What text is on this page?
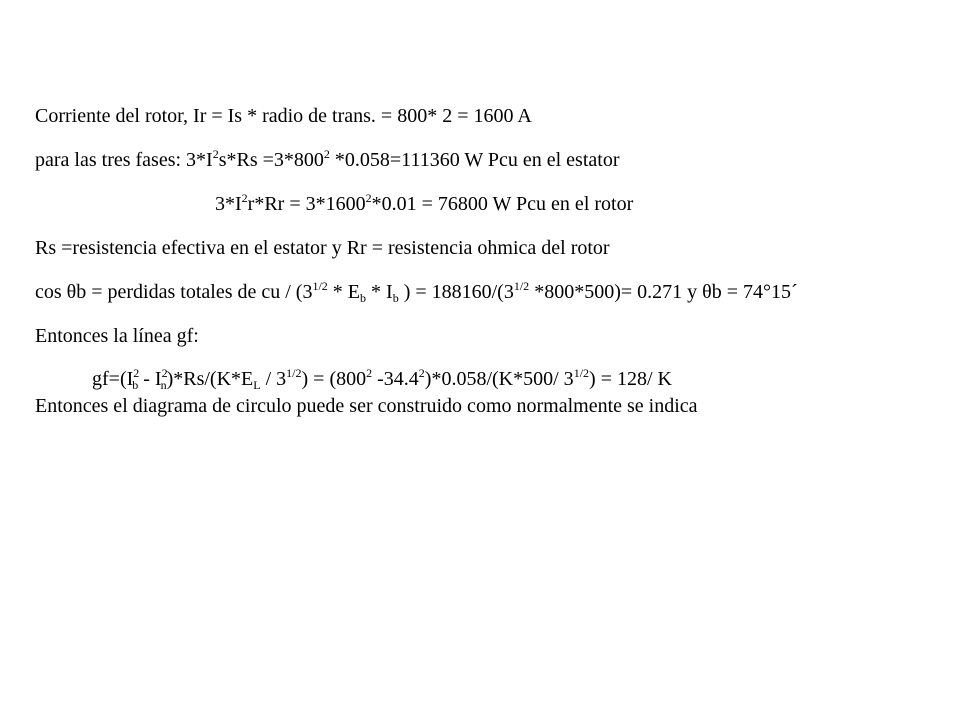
Corriente del rotor, Ir = Is * radio de trans. = 800* 2 = 1600 A
para las tres fases: $3*I^2s*Rs =3*800^2$ *0.058=111360 W Pcu en el estator
$3*I^2r*Rr = 3*1600^2*0.01 = 76800$ W Pcu en el rotor
Rs =resistencia efectiva en el estator y Rr = resistencia ohmica del rotor
cos θb = perdidas totales de cu / ($3^{1/2} * E_b * I_b$ ) = $188160/(3^{1/2}$ *800*500)= 0.271 y θb = 74°15´
Entonces la línea gf:
$gf=(I^2_b - I^2_n)*Rs/(K*E_L / 3^{1/2}) = (800^2$ -34.4$^2$)*0.058/(K*500/ $3^{1/2}) = 128/$ K
Entonces el diagrama de circulo puede ser construido como normalmente se indica
